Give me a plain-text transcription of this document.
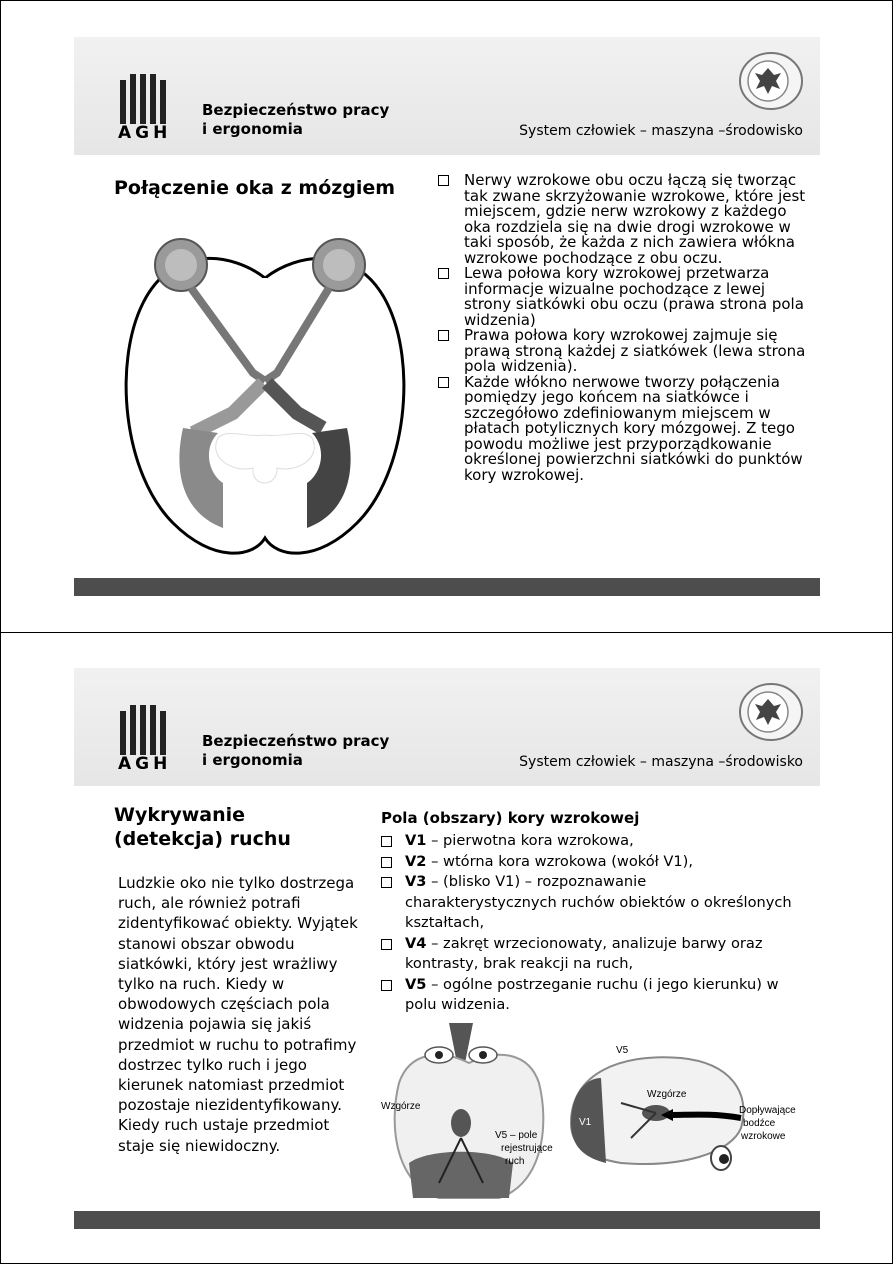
AGH
Bezpieczeństwo pracy
i ergonomia	System człowiek – maszyna –środowisko
Połączenie oka z mózgiem	Nerwy wzrokowe obu oczu łączą się tworząc tak zwane skrzyżowanie wzrokowe, które jest miejscem, gdzie nerw wzrokowy z każdego oka rozdziela się na dwie drogi wzrokowe w taki sposób, że każda z nich zawiera włókna wzrokowe pochodzące z obu oczu.
Lewa połowa kory wzrokowej przetwarza informacje wizualne pochodzące z lewej strony siatkówki obu oczu (prawa strona pola widzenia)
Prawa połowa kory wzrokowej zajmuje się prawą stroną każdej z siatkówek (lewa strona pola widzenia).
Każde włókno nerwowe tworzy połączenia pomiędzy jego końcem na siatkówce i szczegółowo zdefiniowanym miejscem w płatach potylicznych kory mózgowej. Z tego powodu możliwe jest przyporządkowanie określonej powierzchni siatkówki do punktów kory wzrokowej.
AGH
Bezpieczeństwo pracy
i ergonomia	System człowiek – maszyna –środowisko
Wykrywanie
(detekcja) ruchu
Ludzkie oko nie tylko dostrzega ruch, ale również potrafi zidentyfikować obiekty. Wyjątek stanowi obszar obwodu siatkówki, który jest wrażliwy tylko na ruch. Kiedy w obwodowych częściach pola widzenia pojawia się jakiś przedmiot w ruchu to potrafimy dostrzec tylko ruch i jego kierunek natomiast przedmiot pozostaje niezidentyfikowany. Kiedy ruch ustaje przedmiot staje się niewidoczny.
Pola (obszary) kory wzrokowej
V1 – pierwotna kora wzrokowa,
V2 – wtórna kora wzrokowa (wokół V1),
V3 – (blisko V1) – rozpoznawanie charakterystycznych ruchów obiektów o określonych kształtach,
V4 – zakręt wrzecionowaty, analizuje barwy oraz kontrasty, brak reakcji na ruch,
V5 – ogólne postrzeganie ruchu (i jego kierunku) w polu widzenia.
Wzgórze
V5 – pole
rejestrujące
ruch
V5
Wzgórze
V1
Dopływające
bodźce
wzrokowe
